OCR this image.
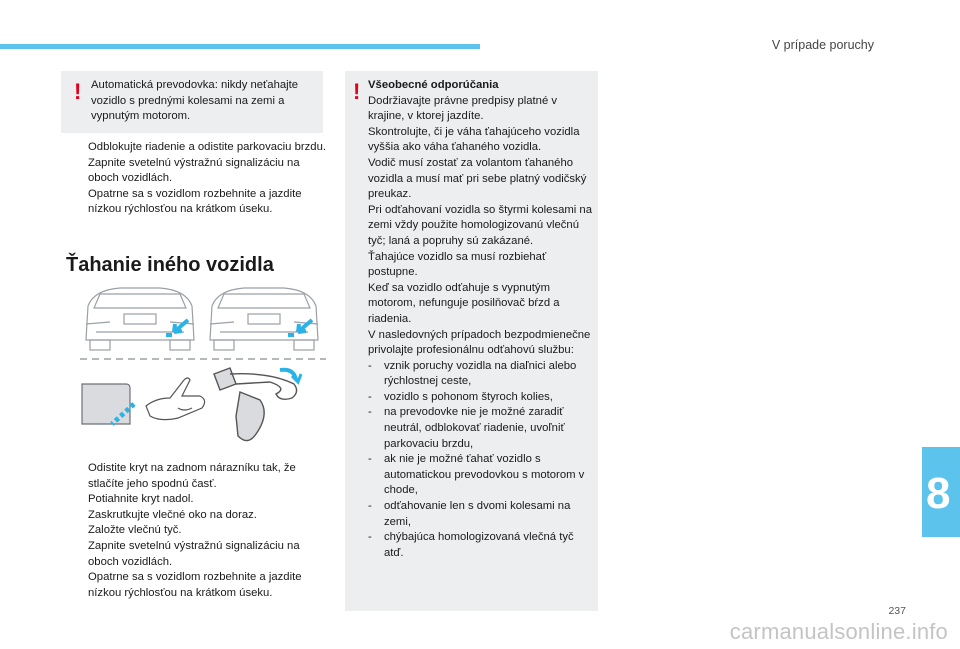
V prípade poruchy
! Automatická prevodovka: nikdy neťahajte vozidlo s prednými kolesami na zemi a vypnutým motorom.
Odblokujte riadenie a odistite parkovaciu brzdu.
Zapnite svetelnú výstražnú signalizáciu na oboch vozidlách.
Opatrne sa s vozidlom rozbehnite a jazdite nízkou rýchlosťou na krátkom úseku.
Ťahanie iného vozidla
Odistite kryt na zadnom nárazníku tak, že stlačíte jeho spodnú časť.
Potiahnite kryt nadol.
Zaskrutkujte vlečné oko na doraz.
Založte vlečnú tyč.
Zapnite svetelnú výstražnú signalizáciu na oboch vozidlách.
Opatrne sa s vozidlom rozbehnite a jazdite nízkou rýchlosťou na krátkom úseku.
! Všeobecné odporúčania
Dodržiavajte právne predpisy platné v krajine, v ktorej jazdíte.
Skontrolujte, či je váha ťahajúceho vozidla vyššia ako váha ťahaného vozidla.
Vodič musí zostať za volantom ťahaného vozidla a musí mať pri sebe platný vodičský preukaz.
Pri odťahovaní vozidla so štyrmi kolesami na zemi vždy použite homologizovanú vlečnú tyč; laná a popruhy sú zakázané.
Ťahajúce vozidlo sa musí rozbiehať postupne.
Keď sa vozidlo odťahuje s vypnutým motorom, nefunguje posilňovač bŕzd a riadenia.
V nasledovných prípadoch bezpodmienečne privolajte profesionálnu odťahovú službu:
- vznik poruchy vozidla na diaľnici alebo rýchlostnej ceste,
- vozidlo s pohonom štyroch kolies,
- na prevodovke nie je možné zaradiť neutrál, odblokovať riadenie, uvoľniť parkovaciu brzdu,
- ak nie je možné ťahať vozidlo s automatickou prevodovkou s motorom v chode,
- odťahovanie len s dvomi kolesami na zemi,
- chýbajúca homologizovaná vlečná tyč atď.
8
237
carmanualsonline.info
